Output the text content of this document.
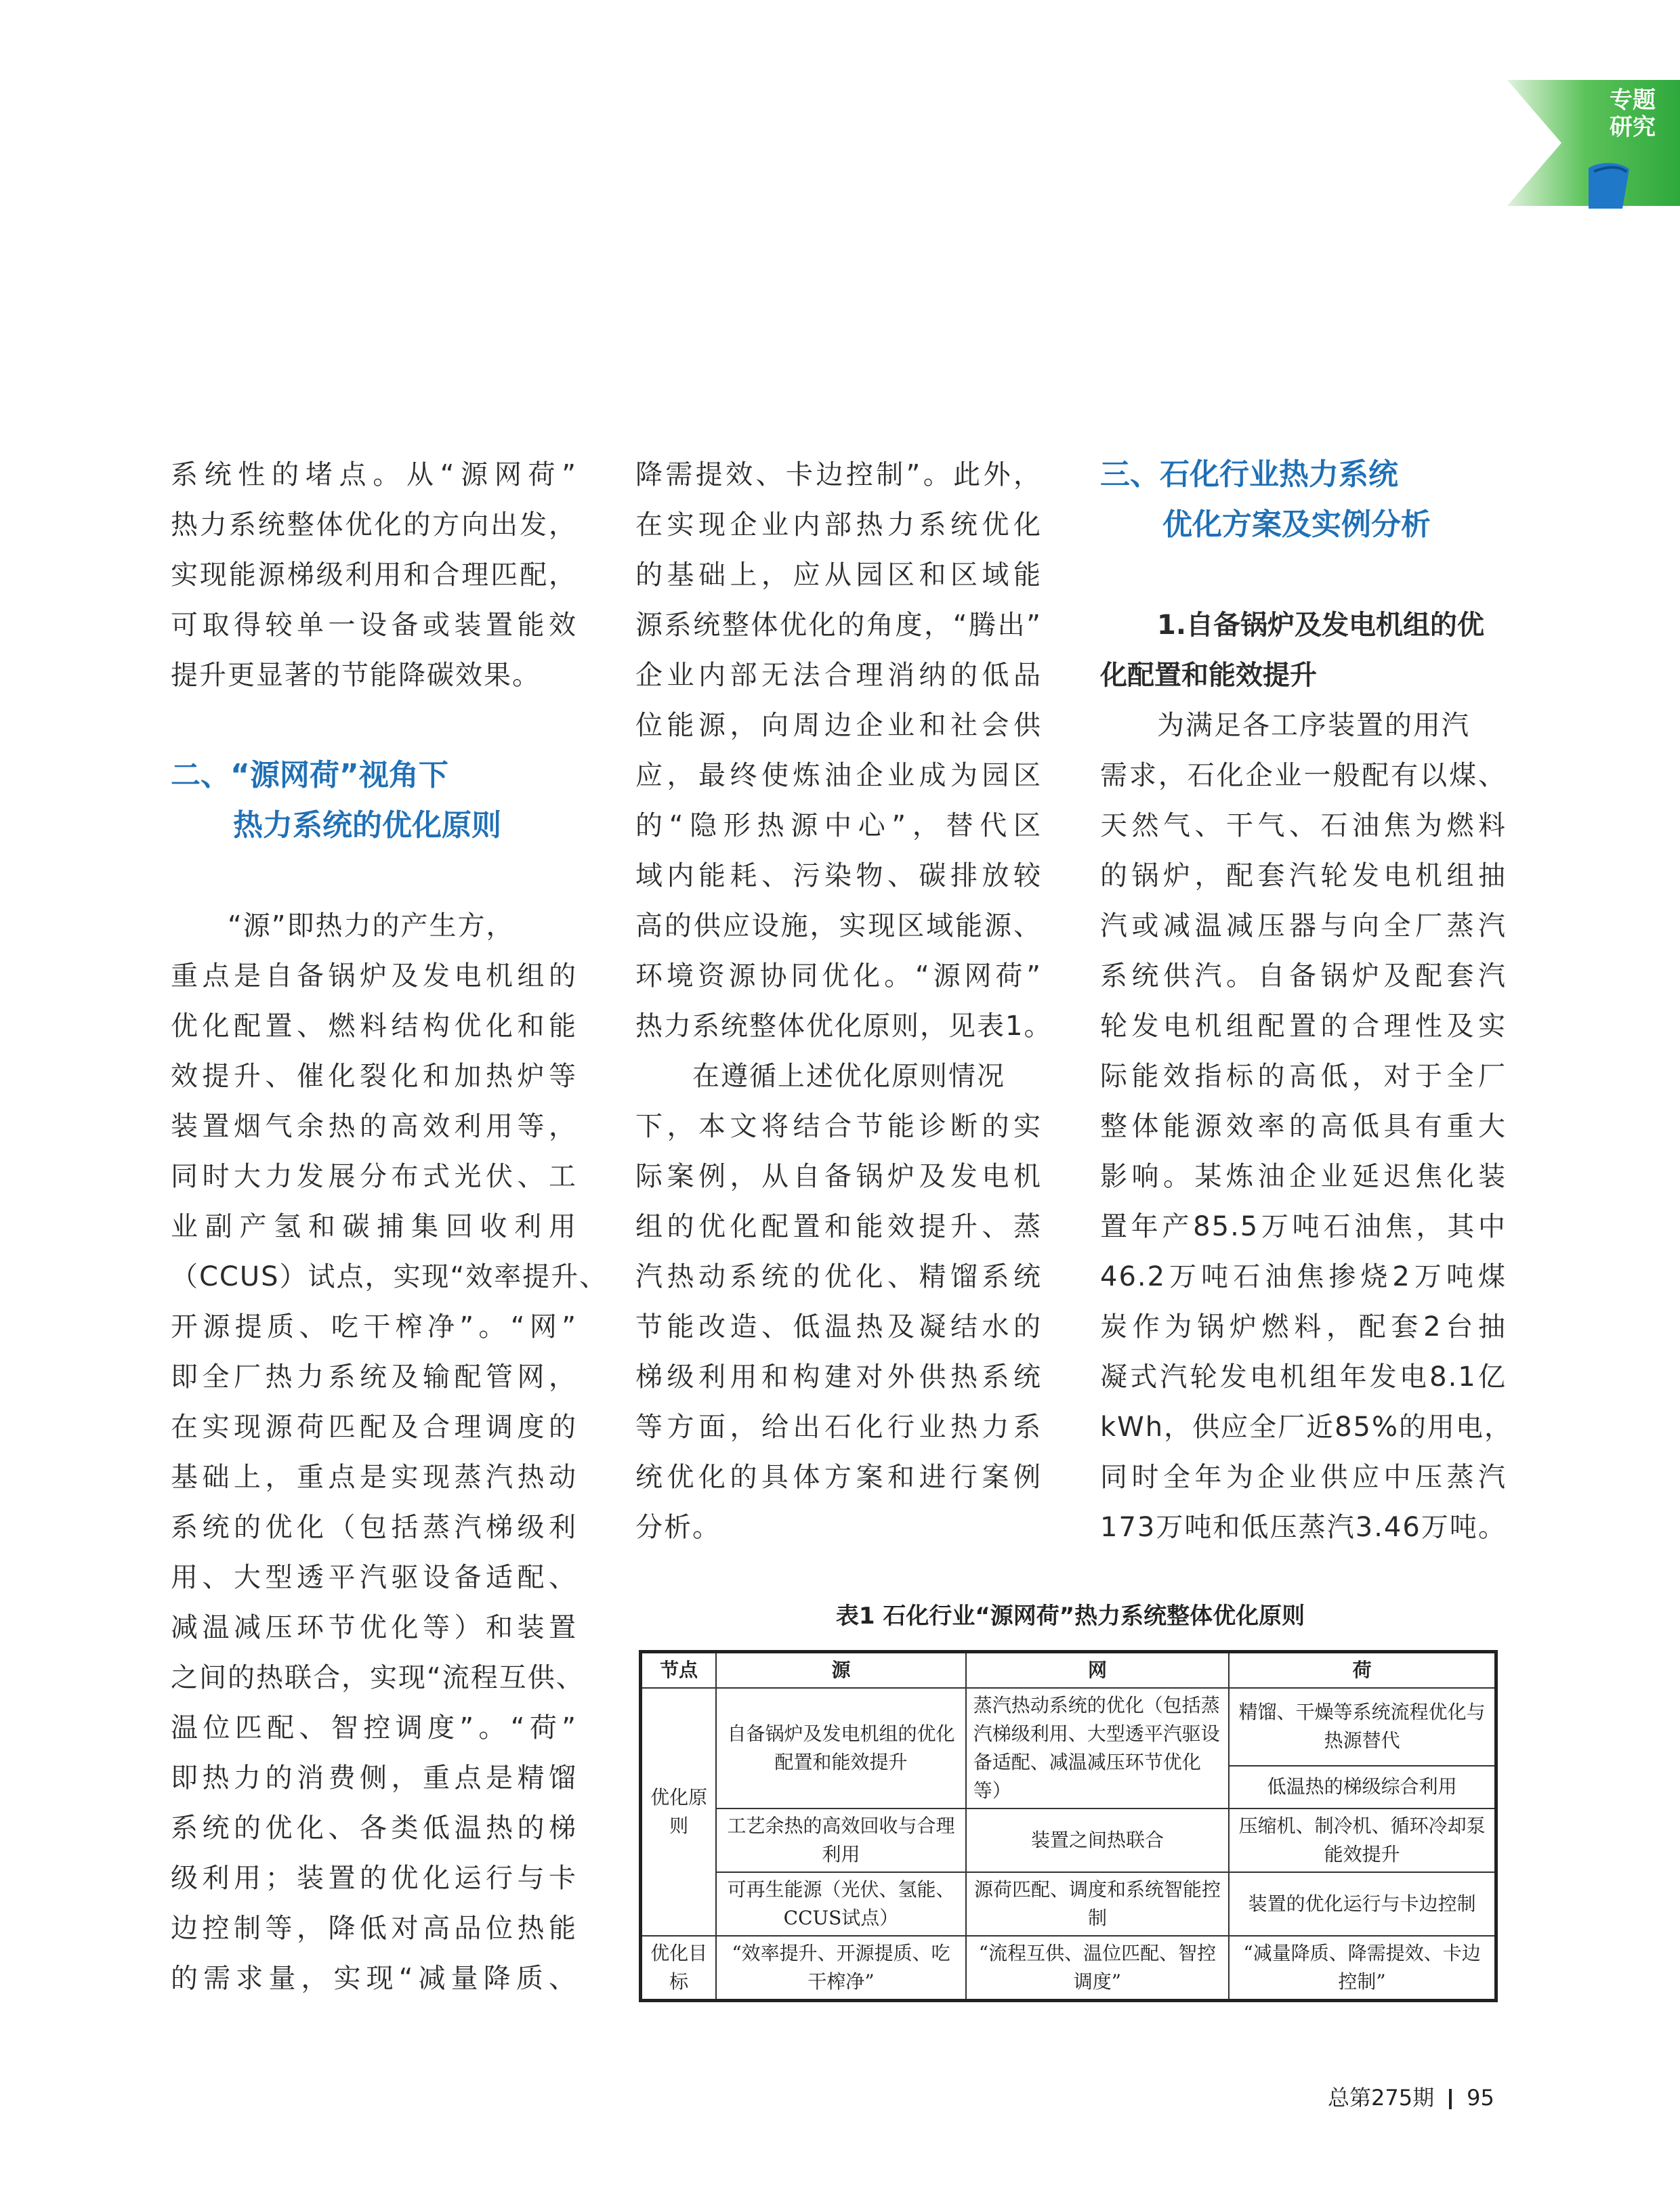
专题
研究
系统性的堵点。从“源网荷”
热力系统整体优化的方向出发，
实现能源梯级利用和合理匹配，
可取得较单一设备或装置能效
提升更显著的节能降碳效果。
二、“源网荷”视角下
热力系统的优化原则
“源”即热力的产生方，
重点是自备锅炉及发电机组的
优化配置、燃料结构优化和能
效提升、催化裂化和加热炉等
装置烟气余热的高效利用等，
同时大力发展分布式光伏、工
业副产氢和碳捕集回收利用
（CCUS）试点，实现“效率提升、
开源提质、吃干榨净”。“网”
即全厂热力系统及输配管网，
在实现源荷匹配及合理调度的
基础上，重点是实现蒸汽热动
系统的优化（包括蒸汽梯级利
用、大型透平汽驱设备适配、
减温减压环节优化等）和装置
之间的热联合，实现“流程互供、
温位匹配、智控调度”。“荷”
即热力的消费侧，重点是精馏
系统的优化、各类低温热的梯
级利用；装置的优化运行与卡
边控制等，降低对高品位热能
的需求量，实现“减量降质、
降需提效、卡边控制”。此外，
在实现企业内部热力系统优化
的基础上，应从园区和区域能
源系统整体优化的角度，“腾出”
企业内部无法合理消纳的低品
位能源，向周边企业和社会供
应，最终使炼油企业成为园区
的“隐形热源中心”，替代区
域内能耗、污染物、碳排放较
高的供应设施，实现区域能源、
环境资源协同优化。“源网荷”
热力系统整体优化原则，见表1。
在遵循上述优化原则情况
下，本文将结合节能诊断的实
际案例，从自备锅炉及发电机
组的优化配置和能效提升、蒸
汽热动系统的优化、精馏系统
节能改造、低温热及凝结水的
梯级利用和构建对外供热系统
等方面，给出石化行业热力系
统优化的具体方案和进行案例
分析。
三、石化行业热力系统
优化方案及实例分析
1.自备锅炉及发电机组的优
化配置和能效提升
为满足各工序装置的用汽
需求，石化企业一般配有以煤、
天然气、干气、石油焦为燃料
的锅炉，配套汽轮发电机组抽
汽或减温减压器与向全厂蒸汽
系统供汽。自备锅炉及配套汽
轮发电机组配置的合理性及实
际能效指标的高低，对于全厂
整体能源效率的高低具有重大
影响。某炼油企业延迟焦化装
置年产85.5万吨石油焦，其中
46.2万吨石油焦掺烧2万吨煤
炭作为锅炉燃料，配套2台抽
凝式汽轮发电机组年发电8.1亿
kWh，供应全厂近85%的用电，
同时全年为企业供应中压蒸汽
173万吨和低压蒸汽3.46万吨。
表1 石化行业“源网荷”热力系统整体优化原则
节点	源	网	荷
优化原则	自备锅炉及发电机组的优化配置和能效提升	蒸汽热动系统的优化（包括蒸汽梯级利用、大型透平汽驱设备适配、减温减压环节优化等）	精馏、干燥等系统流程优化与热源替代
			低温热的梯级综合利用
	工艺余热的高效回收与合理利用	装置之间热联合	压缩机、制冷机、循环冷却泵能效提升
	可再生能源（光伏、氢能、CCUS试点）	源荷匹配、调度和系统智能控制	装置的优化运行与卡边控制
优化目标	“效率提升、开源提质、吃干榨净”	“流程互供、温位匹配、智控调度”	“减量降质、降需提效、卡边控制”
总第275期 95
